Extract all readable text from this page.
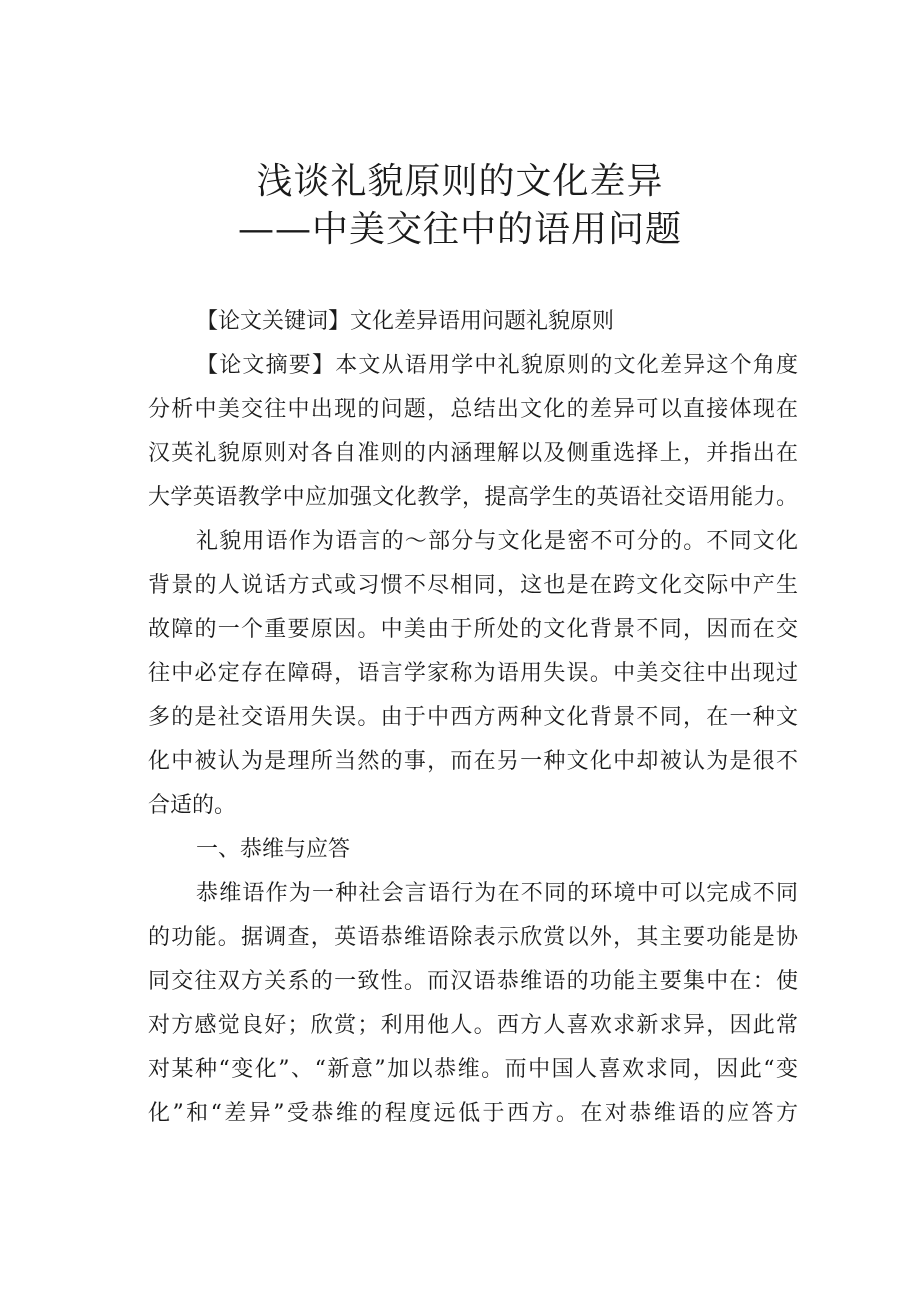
浅谈礼貌原则的文化差异
——中美交往中的语用问题
【论文关键词】文化差异语用问题礼貌原则
【论文摘要】本文从语用学中礼貌原则的文化差异这个角度
分析中美交往中出现的问题，总结出文化的差异可以直接体现在
汉英礼貌原则对各自准则的内涵理解以及侧重选择上，并指出在
大学英语教学中应加强文化教学，提高学生的英语社交语用能力。
礼貌用语作为语言的～部分与文化是密不可分的。不同文化
背景的人说话方式或习惯不尽相同，这也是在跨文化交际中产生
故障的一个重要原因。中美由于所处的文化背景不同，因而在交
往中必定存在障碍，语言学家称为语用失误。中美交往中出现过
多的是社交语用失误。由于中西方两种文化背景不同，在一种文
化中被认为是理所当然的事，而在另一种文化中却被认为是很不
合适的。
一、恭维与应答
恭维语作为一种社会言语行为在不同的环境中可以完成不同
的功能。据调查，英语恭维语除表示欣赏以外，其主要功能是协
同交往双方关系的一致性。而汉语恭维语的功能主要集中在：使
对方感觉良好；欣赏；利用他人。西方人喜欢求新求异，因此常
对某种“变化”、“新意”加以恭维。而中国人喜欢求同，因此“变
化”和“差异”受恭维的程度远低于西方。在对恭维语的应答方
